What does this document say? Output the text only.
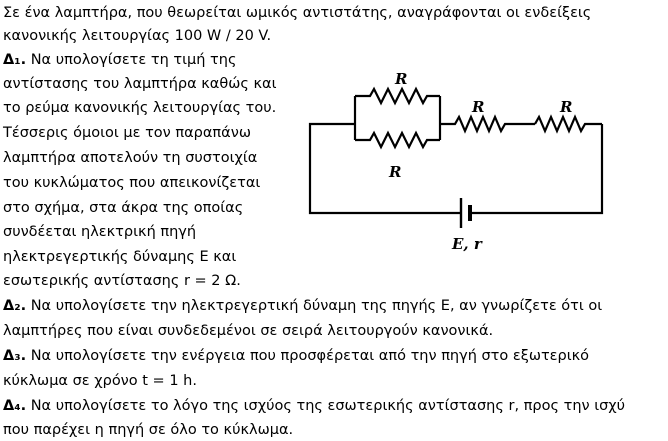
Σε ένα λαμπτήρα, που θεωρείται ωμικός αντιστάτης, αναγράφονται οι ενδείξεις
κανονικής λειτουργίας 100 W / 20 V.
Δ₁. Να υπολογίσετε τη τιμή της
αντίστασης του λαμπτήρα καθώς και
το ρεύμα κανονικής λειτουργίας του.
Τέσσερις όμοιοι με τον παραπάνω
λαμπτήρα αποτελούν τη συστοιχία
του κυκλώματος που απεικονίζεται
στο σχήμα, στα άκρα της οποίας
συνδέεται ηλεκτρική πηγή
ηλεκτρεγερτικής δύναμης Ε και
εσωτερικής αντίστασης r = 2 Ω.
Δ₂. Να υπολογίσετε την ηλεκτρεγερτική δύναμη της πηγής Ε, αν γνωρίζετε ότι οι
λαμπτήρες που είναι συνδεδεμένοι σε σειρά λειτουργούν κανονικά.
Δ₃. Να υπολογίσετε την ενέργεια που προσφέρεται από την πηγή στο εξωτερικό
κύκλωμα σε χρόνο t = 1 h.
Δ₄. Να υπολογίσετε το λόγο της ισχύος της εσωτερικής αντίστασης r, προς την ισχύ
που παρέχει η πηγή σε όλο το κύκλωμα.
R
R
R	R
E, r
